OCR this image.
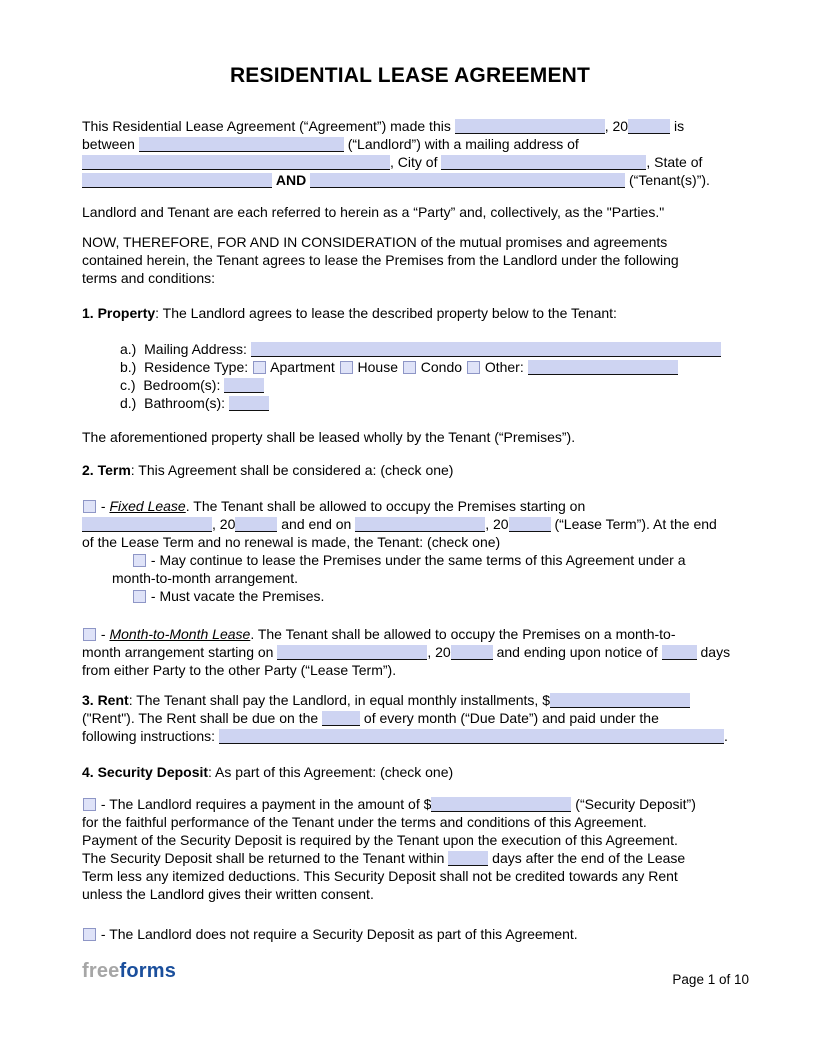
RESIDENTIAL LEASE AGREEMENT
This Residential Lease Agreement (“Agreement”) made this	, 20	is
between	(“Landlord”) with a mailing address of
, City of	, State of
AND	(“Tenant(s)”).
Landlord and Tenant are each referred to herein as a “Party” and, collectively, as the "Parties."
NOW, THEREFORE, FOR AND IN CONSIDERATION of the mutual promises and agreements
contained herein, the Tenant agrees to lease the Premises from the Landlord under the following
terms and conditions:
1. Property: The Landlord agrees to lease the described property below to the Tenant:
a.)  Mailing Address:
b.)  Residence Type:  Apartment  House  Condo  Other:
c.)  Bedroom(s):
d.)  Bathroom(s):
The aforementioned property shall be leased wholly by the Tenant (“Premises”).
2. Term: This Agreement shall be considered a: (check one)
- Fixed Lease. The Tenant shall be allowed to occupy the Premises starting on
, 20	and end on	, 20	(“Lease Term”). At the end
of the Lease Term and no renewal is made, the Tenant: (check one)
- May continue to lease the Premises under the same terms of this Agreement under a
month-to-month arrangement.
- Must vacate the Premises.
- Month-to-Month Lease. The Tenant shall be allowed to occupy the Premises on a month-to-
month arrangement starting on	, 20	and ending upon notice of	days
from either Party to the other Party (“Lease Term”).
3. Rent: The Tenant shall pay the Landlord, in equal monthly installments, $
("Rent"). The Rent shall be due on the	of every month (“Due Date”) and paid under the
following instructions:	.
4. Security Deposit: As part of this Agreement: (check one)
- The Landlord requires a payment in the amount of $	(“Security Deposit”)
for the faithful performance of the Tenant under the terms and conditions of this Agreement.
Payment of the Security Deposit is required by the Tenant upon the execution of this Agreement.
The Security Deposit shall be returned to the Tenant within	days after the end of the Lease
Term less any itemized deductions. This Security Deposit shall not be credited towards any Rent
unless the Landlord gives their written consent.
- The Landlord does not require a Security Deposit as part of this Agreement.
freeforms	Page 1 of 10
